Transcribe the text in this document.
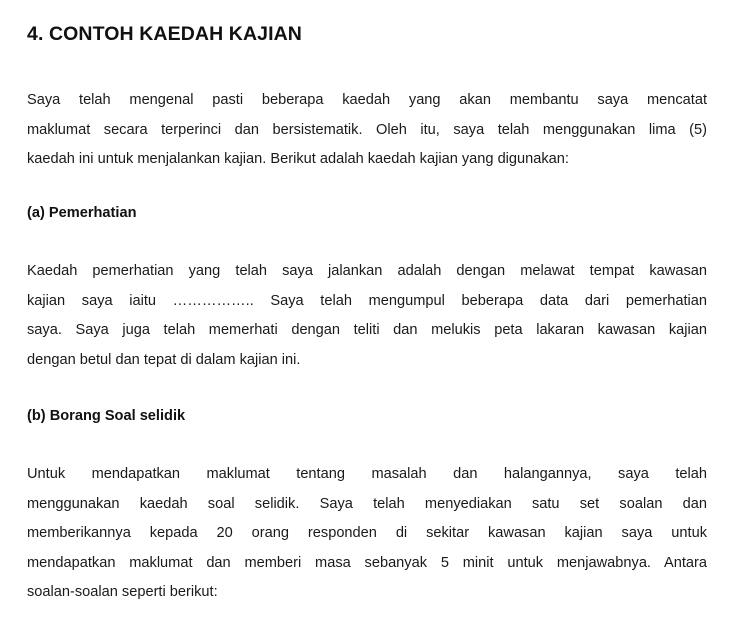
4. CONTOH KAEDAH KAJIAN
Saya telah mengenal pasti beberapa kaedah yang akan membantu saya mencatat
maklumat secara terperinci dan bersistematik. Oleh itu, saya telah menggunakan lima (5)
kaedah ini untuk menjalankan kajian. Berikut adalah kaedah kajian yang digunakan:
(a) Pemerhatian
Kaedah pemerhatian yang telah saya jalankan adalah dengan melawat tempat kawasan
kajian saya iaitu …………….. Saya telah mengumpul beberapa data dari pemerhatian
saya. Saya juga telah memerhati dengan teliti dan melukis peta lakaran kawasan kajian
dengan betul dan tepat di dalam kajian ini.
(b) Borang Soal selidik
Untuk mendapatkan maklumat tentang masalah dan halangannya, saya telah
menggunakan kaedah soal selidik. Saya telah menyediakan satu set soalan dan
memberikannya kepada 20 orang responden di sekitar kawasan kajian saya untuk
mendapatkan maklumat dan memberi masa sebanyak 5 minit untuk menjawabnya. Antara
soalan-soalan seperti berikut:
